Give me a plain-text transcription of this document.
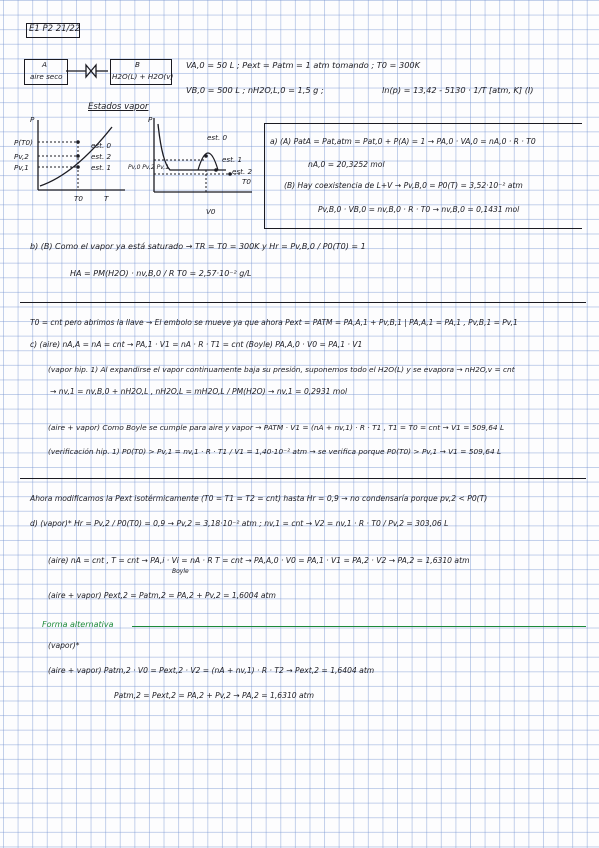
E1 P2 21/22
A
aire seco
B
H2O(L) + H2O(v)
VA,0 = 50 L ; Pext = Patm = 1 atm tomando ; T0 = 300K
VB,0 = 500 L ; nH2O,L,0 = 1,5 g ;	ln(p) = 13,42 - 5130 · 1/T [atm, K] (I)
Estados vapor
P
P(T0)
Pv,2
Pv,1
est. 0
est. 2
est. 1
T0	T
P
est. 0
est. 1
est. 2
T0
Pv,0 Pv,2 Pv,1
V0
a) (A) PatA = Pat,atm = Pat,0 + P(A) = 1 → PA,0 · VA,0 = nA,0 · R · T0
nA,0 = 20,3252 mol
(B) Hay coexistencia de L+V → Pv,B,0 = P0(T) = 3,52·10⁻² atm
Pv,B,0 · VB,0 = nv,B,0 · R · T0 → nv,B,0 = 0,1431 mol
b) (B) Como el vapor ya está saturado → TR = T0 = 300K y Hr = Pv,B,0 / P0(T0) = 1
HA = PM(H2O) · nv,B,0 / R T0 = 2,57·10⁻² g/L
T0 = cnt pero abrimos la llave → El embolo se mueve ya que ahora Pext = PATM = PA,A,1 + Pv,B,1 | PA,A,1 = PA,1 , Pv,B,1 = Pv,1
c) (aire) nA,A = nA = cnt → PA,1 · V1 = nA · R · T1 = cnt (Boyle) PA,A,0 · V0 = PA,1 · V1
(vapor hip. 1) Al expandirse el vapor continuamente baja su presión, suponemos todo el H2O(L) y se evapora → nH2O,v = cnt
→ nv,1 = nv,B,0 + nH2O,L , nH2O,L = mH2O,L / PM(H2O) → nv,1 = 0,2931 mol
(aire + vapor) Como Boyle se cumple para aire y vapor → PATM · V1 = (nA + nv,1) · R · T1 , T1 = T0 = cnt → V1 = 509,64 L
(verificación hip. 1) P0(T0) > Pv,1 = nv,1 · R · T1 / V1 = 1,40·10⁻² atm → se verifica porque P0(T0) > Pv,1 → V1 = 509,64 L
Ahora modificamos la Pext isotérmicamente (T0 = T1 = T2 = cnt) hasta Hr = 0,9 → no condensaría porque pv,2 < P0(T)
d) (vapor)* Hr = Pv,2 / P0(T0) = 0,9 → Pv,2 = 3,18·10⁻² atm ; nv,1 = cnt → V2 = nv,1 · R · T0 / Pv,2 = 303,06 L
(aire) nA = cnt , T = cnt → PA,i · Vi = nA · R T = cnt → PA,A,0 · V0 = PA,1 · V1 = PA,2 · V2 → PA,2 = 1,6310 atm
Boyle
(aire + vapor) Pext,2 = Patm,2 = PA,2 + Pv,2 = 1,6004 atm
Forma alternativa
(vapor)*
(aire + vapor) Patm,2 · V0 = Pext,2 · V2 = (nA + nv,1) · R · T2 → Pext,2 = 1,6404 atm
Patm,2 = Pext,2 = PA,2 + Pv,2 → PA,2 = 1,6310 atm
